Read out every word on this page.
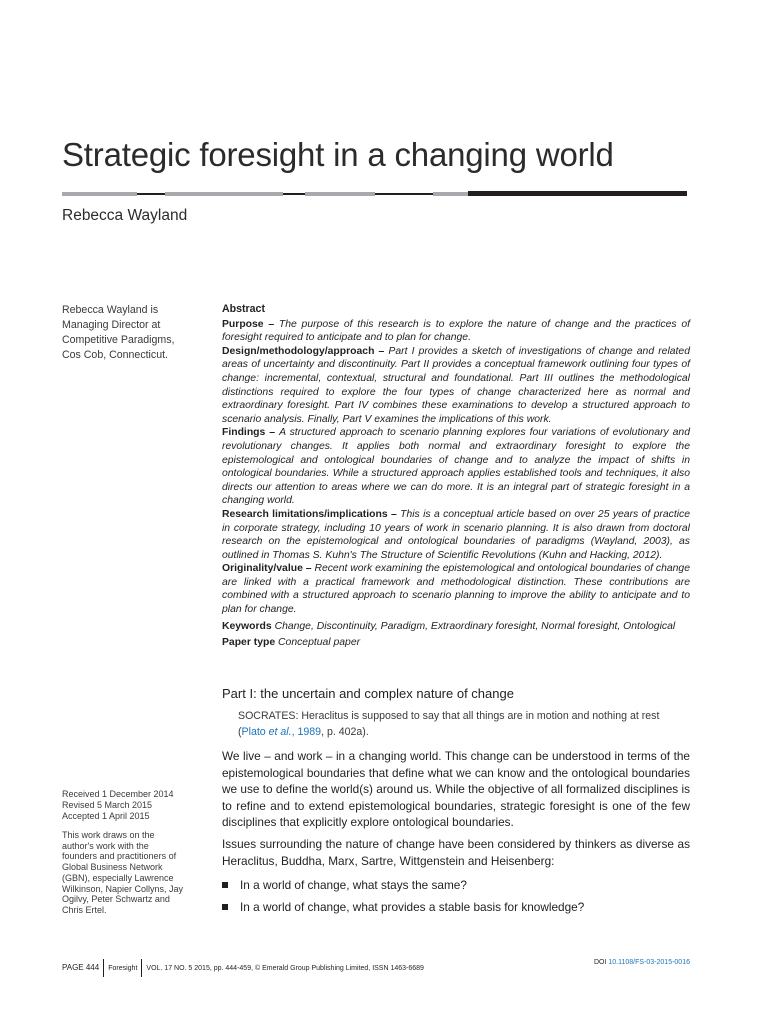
Strategic foresight in a changing world
Rebecca Wayland
Rebecca Wayland is Managing Director at Competitive Paradigms, Cos Cob, Connecticut.
Received 1 December 2014
Revised 5 March 2015
Accepted 1 April 2015
This work draws on the author's work with the founders and practitioners of Global Business Network (GBN), especially Lawrence Wilkinson, Napier Collyns, Jay Ogilvy, Peter Schwartz and Chris Ertel.
Abstract

Purpose – The purpose of this research is to explore the nature of change and the practices of foresight required to anticipate and to plan for change.

Design/methodology/approach – Part I provides a sketch of investigations of change and related areas of uncertainty and discontinuity. Part II provides a conceptual framework outlining four types of change: incremental, contextual, structural and foundational. Part III outlines the methodological distinctions required to explore the four types of change characterized here as normal and extraordinary foresight. Part IV combines these examinations to develop a structured approach to scenario analysis. Finally, Part V examines the implications of this work.

Findings – A structured approach to scenario planning explores four variations of evolutionary and revolutionary changes. It applies both normal and extraordinary foresight to explore the epistemological and ontological boundaries of change and to analyze the impact of shifts in ontological boundaries. While a structured approach applies established tools and techniques, it also directs our attention to areas where we can do more. It is an integral part of strategic foresight in a changing world.

Research limitations/implications – This is a conceptual article based on over 25 years of practice in corporate strategy, including 10 years of work in scenario planning. It is also drawn from doctoral research on the epistemological and ontological boundaries of paradigms (Wayland, 2003), as outlined in Thomas S. Kuhn's The Structure of Scientific Revolutions (Kuhn and Hacking, 2012).

Originality/value – Recent work examining the epistemological and ontological boundaries of change are linked with a practical framework and methodological distinction. These contributions are combined with a structured approach to scenario planning to improve the ability to anticipate and to plan for change.

Keywords Change, Discontinuity, Paradigm, Extraordinary foresight, Normal foresight, Ontological

Paper type Conceptual paper

Part I: the uncertain and complex nature of change
SOCRATES: Heraclitus is supposed to say that all things are in motion and nothing at rest (Plato et al., 1989, p. 402a).

We live – and work – in a changing world. This change can be understood in terms of the epistemological boundaries that define what we can know and the ontological boundaries we use to define the world(s) around us. While the objective of all formalized disciplines is to refine and to extend epistemological boundaries, strategic foresight is one of the few disciplines that explicitly explore ontological boundaries.

Issues surrounding the nature of change have been considered by thinkers as diverse as Heraclitus, Buddha, Marx, Sartre, Wittgenstein and Heisenberg:

In a world of change, what stays the same?
In a world of change, what provides a stable basis for knowledge?
PAGE 444 Foresight VOL. 17 NO. 5 2015, pp. 444-459, © Emerald Group Publishing Limited, ISSN 1463-6689
DOI 10.1108/FS-03-2015-0016
